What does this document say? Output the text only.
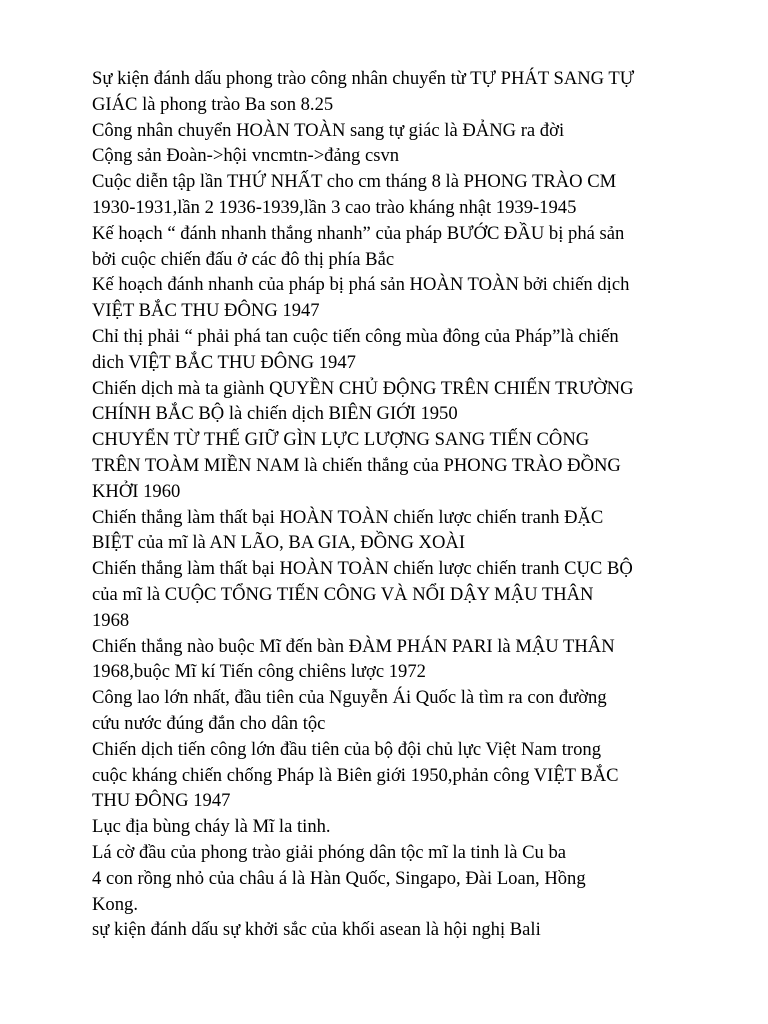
Sự kiện đánh dấu phong trào công nhân chuyển từ TỰ PHÁT SANG TỰ
GIÁC là phong trào Ba son 8.25
Công nhân chuyển HOÀN TOÀN sang tự giác là ĐẢNG ra đời
Cộng sản Đoàn->hội vncmtn->đảng csvn
Cuộc diễn tập lần THỨ NHẤT cho cm tháng 8 là PHONG TRÀO CM
1930-1931,lần 2 1936-1939,lần 3 cao trào kháng nhật 1939-1945
Kế hoạch “ đánh nhanh thắng nhanh” của pháp BƯỚC ĐẦU bị phá sản
bởi cuộc chiến đấu ở các đô thị phía Bắc
Kế hoạch đánh nhanh của pháp bị phá sản HOÀN TOÀN bởi chiến dịch
VIỆT BẮC THU ĐÔNG 1947
Chỉ thị phải “ phải phá tan cuộc tiến công mùa đông của Pháp”là chiến
dich VIỆT BẮC THU ĐÔNG 1947
Chiến dịch mà ta giành QUYỀN CHỦ ĐỘNG TRÊN CHIẾN TRƯỜNG
CHÍNH BẮC BỘ là chiến dịch BIÊN GIỚI 1950
CHUYỂN TỪ THẾ GIỮ GÌN LỰC LƯỢNG SANG TIẾN CÔNG
TRÊN TOÀM MIỀN NAM là chiến thắng của PHONG TRÀO ĐỒNG
KHỞI 1960
Chiến thắng làm thất bại HOÀN TOÀN chiến lược chiến tranh ĐẶC
BIỆT của mĩ là AN LÃO, BA GIA, ĐỒNG XOÀI
Chiến thắng làm thất bại HOÀN TOÀN chiến lược chiến tranh CỤC BỘ
của mĩ là CUỘC TỔNG TIẾN CÔNG VÀ NỔI DẬY MẬU THÂN
1968
Chiến thắng nào buộc Mĩ đến bàn ĐÀM PHÁN PARI là MẬU THÂN
1968,buộc Mĩ kí Tiến công chiêns lược 1972
Công lao lớn nhất, đầu tiên của Nguyễn Ái Quốc là tìm ra con đường
cứu nước đúng đắn cho dân tộc
Chiến dịch tiến công lớn đầu tiên của bộ đội chủ lực Việt Nam trong
cuộc kháng chiến chống Pháp là Biên giới 1950,phản công VIỆT BẮC
THU ĐÔNG 1947
Lục địa bùng cháy là Mĩ la tinh.
Lá cờ đầu của phong trào giải phóng dân tộc mĩ la tinh là Cu ba
4 con rồng nhỏ của châu á là Hàn Quốc, Singapo, Đài Loan, Hồng
Kong.
sự kiện đánh dấu sự khởi sắc của khối asean là hội nghị Bali
